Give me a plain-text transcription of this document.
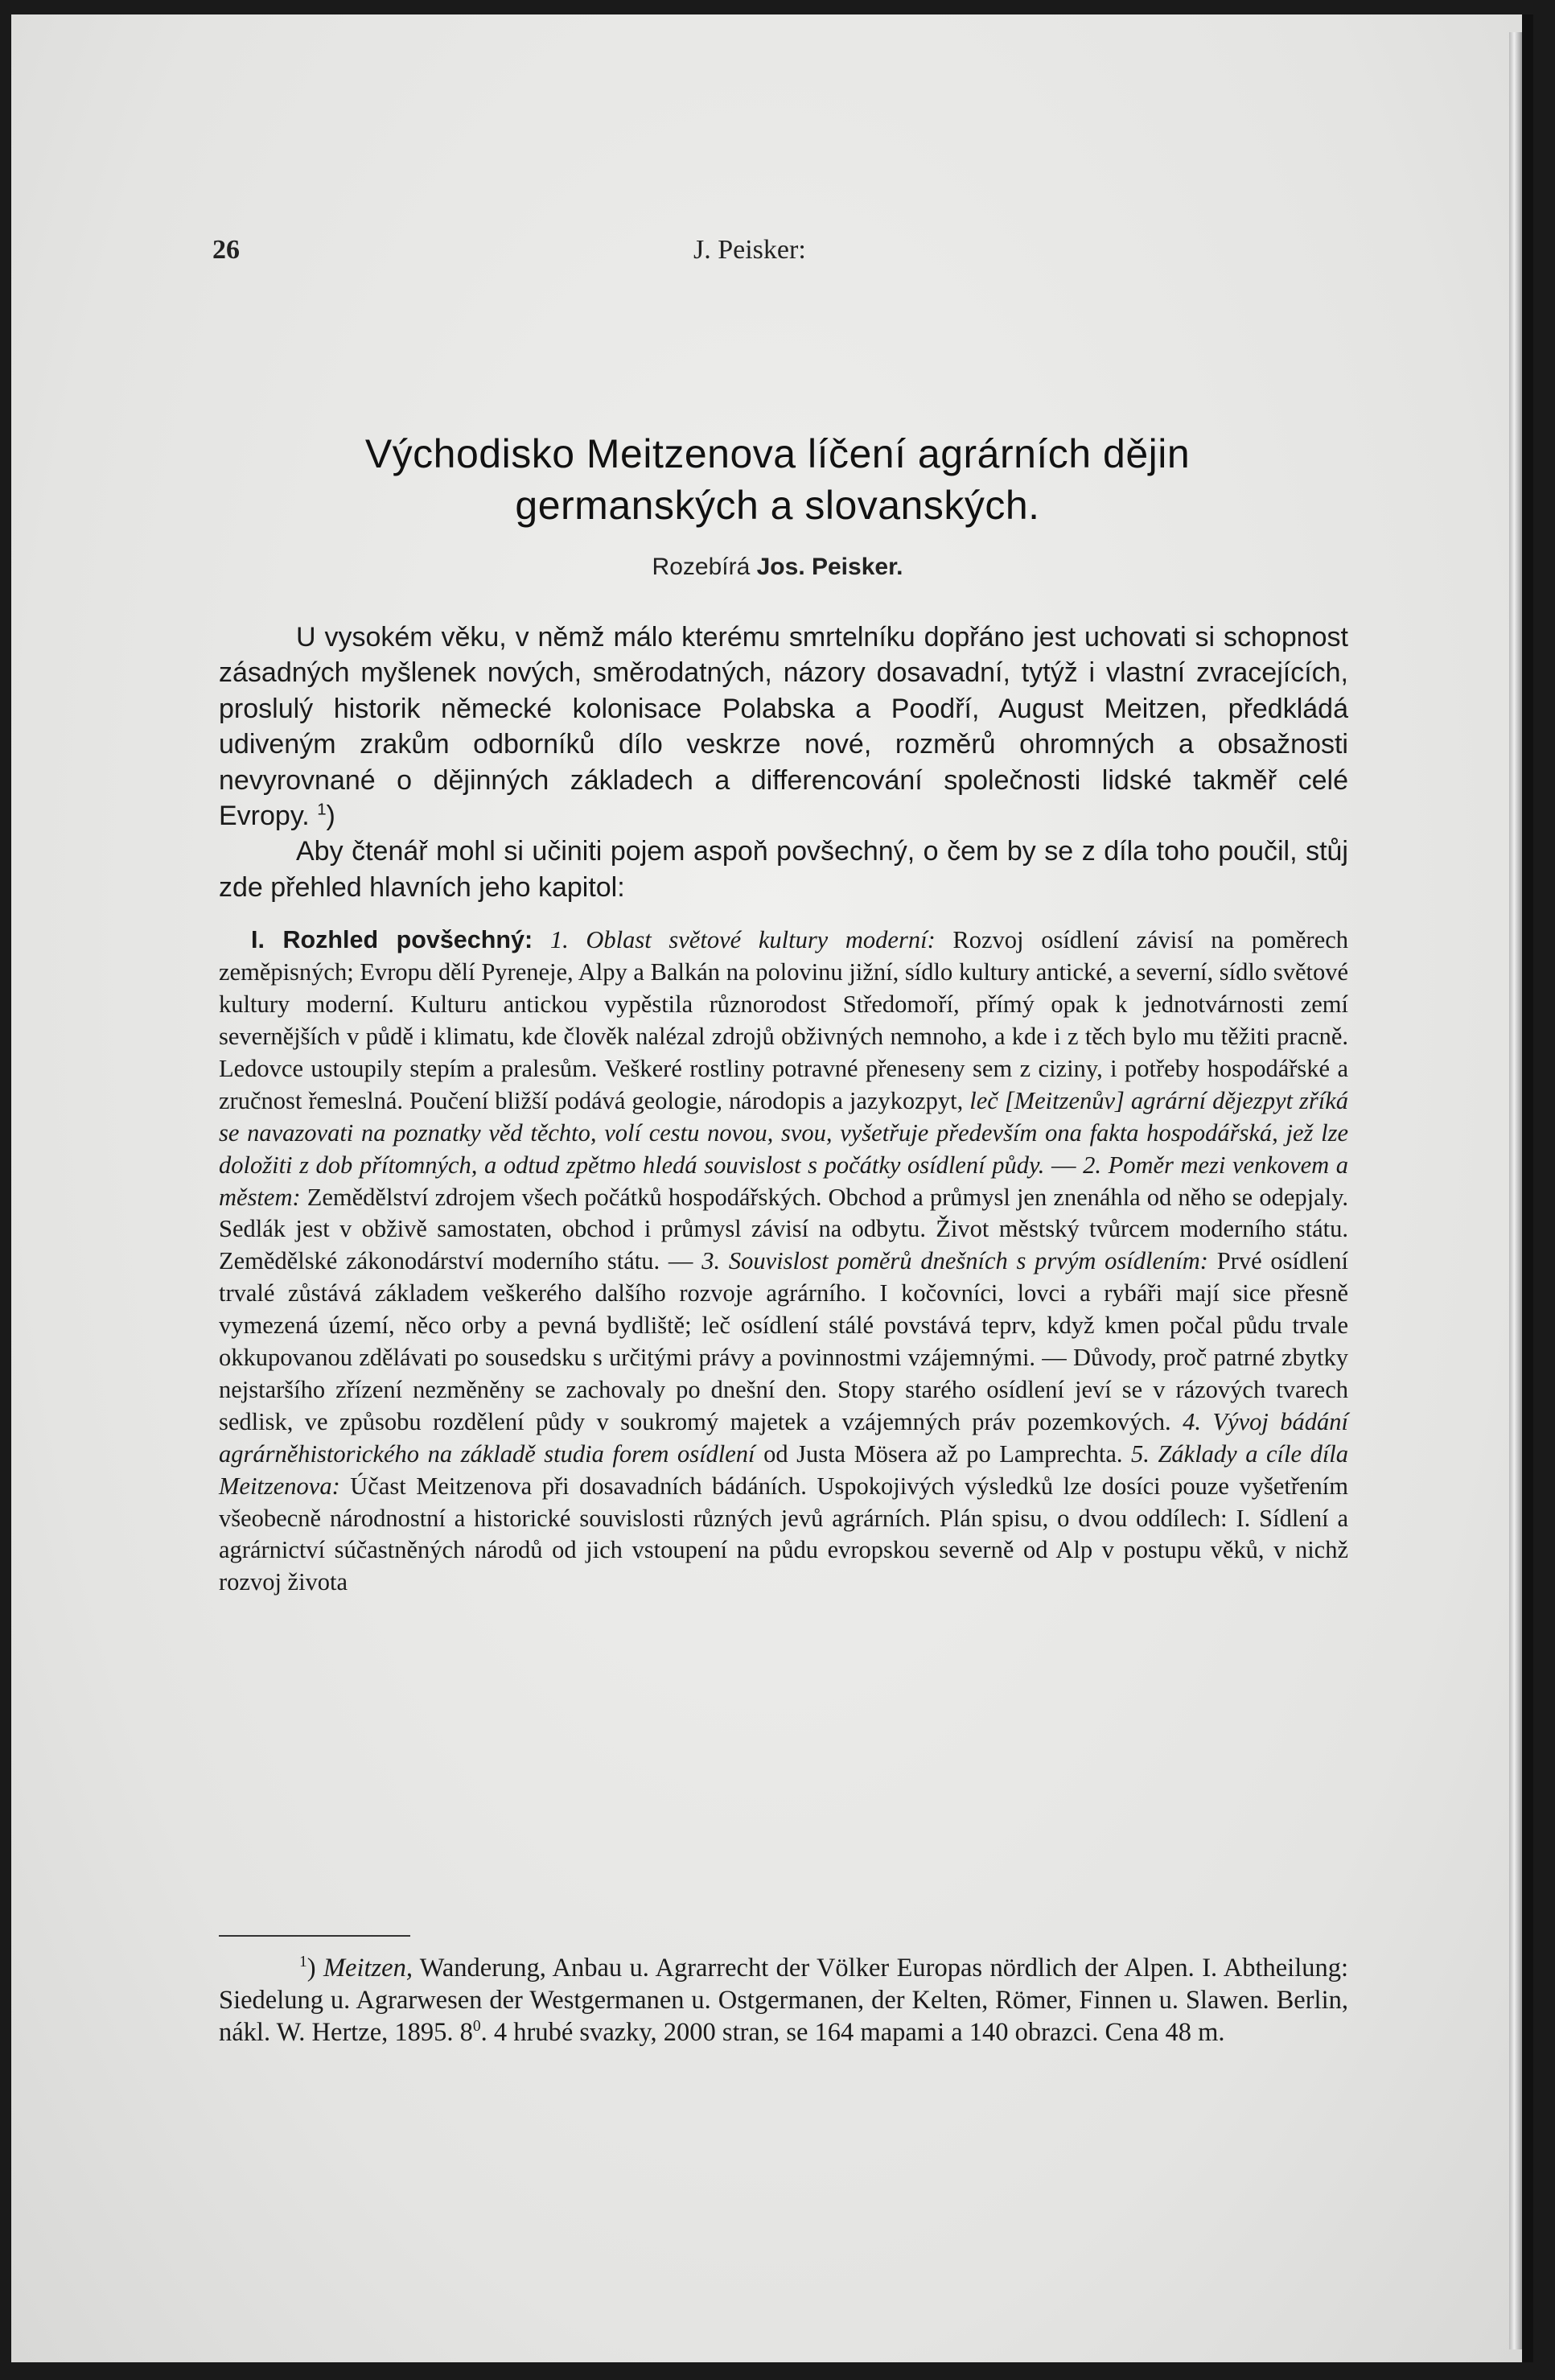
26	J. Peisker:
Východisko Meitzenova líčení agrárních dějin
germanských a slovanských.
Rozebírá Jos. Peisker.

U vysokém věku, v němž málo kterému smrtelníku dopřáno jest uchovati si schopnost zásadných myšlenek nových, směrodatných, názory dosavadní, tytýž i vlastní zvracejících, proslulý historik německé kolonisace Polabska a Poodří, August Meitzen, předkládá udiveným zrakům odborníků dílo veskrze nové, rozměrů ohromných a obsažnosti nevyrovnané o dějinných základech a differencování společnosti lidské takměř celé Evropy. $^1$)

Aby čtenář mohl si učiniti pojem aspoň povšechný, o čem by se z díla toho poučil, stůj zde přehled hlavních jeho kapitol:

I. Rozhled povšechný: 1. Oblast světové kultury moderní: Rozvoj osídlení závisí na poměrech zeměpisných; Evropu dělí Pyreneje, Alpy a Balkán na polovinu jižní, sídlo kultury antické, a severní, sídlo světové kultury moderní. Kulturu antickou vypěstila různorodost Středomoří, přímý opak k jednotvárnosti zemí severnějších v půdě i klimatu, kde člověk nalézal zdrojů obživných nemnoho, a kde i z těch bylo mu těžiti pracně. Ledovce ustoupily stepím a pralesům. Veškeré rostliny potravné přeneseny sem z ciziny, i potřeby hospodářské a zručnost řemeslná. Poučení bližší podává geologie, národopis a jazykozpyt, leč [Meitzenův] agrární dějezpyt zříká se navazovati na poznatky věd těchto, volí cestu novou, svou, vyšetřuje především ona fakta hospodářská, jež lze doložiti z dob přítomných, a odtud zpětmo hledá souvislost s počátky osídlení půdy. — 2. Poměr mezi venkovem a městem: Zemědělství zdrojem všech počátků hospodářských. Obchod a průmysl jen znenáhla od něho se odepjaly. Sedlák jest v obživě samostaten, obchod i průmysl závisí na odbytu. Život městský tvůrcem moderního státu. Zemědělské zákonodárství moderního státu. — 3. Souvislost poměrů dnešních s prvým osídlením: Prvé osídlení trvalé zůstává základem veškerého dalšího rozvoje agrárního. I kočovníci, lovci a rybáři mají sice přesně vymezená území, něco orby a pevná bydliště; leč osídlení stálé povstává teprv, když kmen počal půdu trvale okkupovanou zdělávati po sousedsku s určitými právy a povinnostmi vzájemnými. — Důvody, proč patrné zbytky nejstaršího zřízení nezměněny se zachovaly po dnešní den. Stopy starého osídlení jeví se v rázových tvarech sedlisk, ve způsobu rozdělení půdy v soukromý majetek a vzájemných práv pozemkových. 4. Vývoj bádání agrárněhistorického na základě studia forem osídlení od Justa Mösera až po Lamprechta. 5. Základy a cíle díla Meitzenova: Účast Meitzenova při dosavadních bádáních. Uspokojivých výsledků lze dosíci pouze vyšetřením všeobecně národnostní a historické souvislosti různých jevů agrárních. Plán spisu, o dvou oddílech: I. Sídlení a agrárnictví súčastněných národů od jich vstoupení na půdu evropskou severně od Alp v postupu věků, v nichž rozvoj života
$^1$) Meitzen, Wanderung, Anbau u. Agrarrecht der Völker Europas nördlich der Alpen. I. Abtheilung: Siedelung u. Agrarwesen der Westgermanen u. Ostgermanen, der Kelten, Römer, Finnen u. Slawen. Berlin, nákl. W. Hertze, 1895. $8^0$. 4 hrubé svazky, 2000 stran, se 164 mapami a 140 obrazci. Cena 48 m.
